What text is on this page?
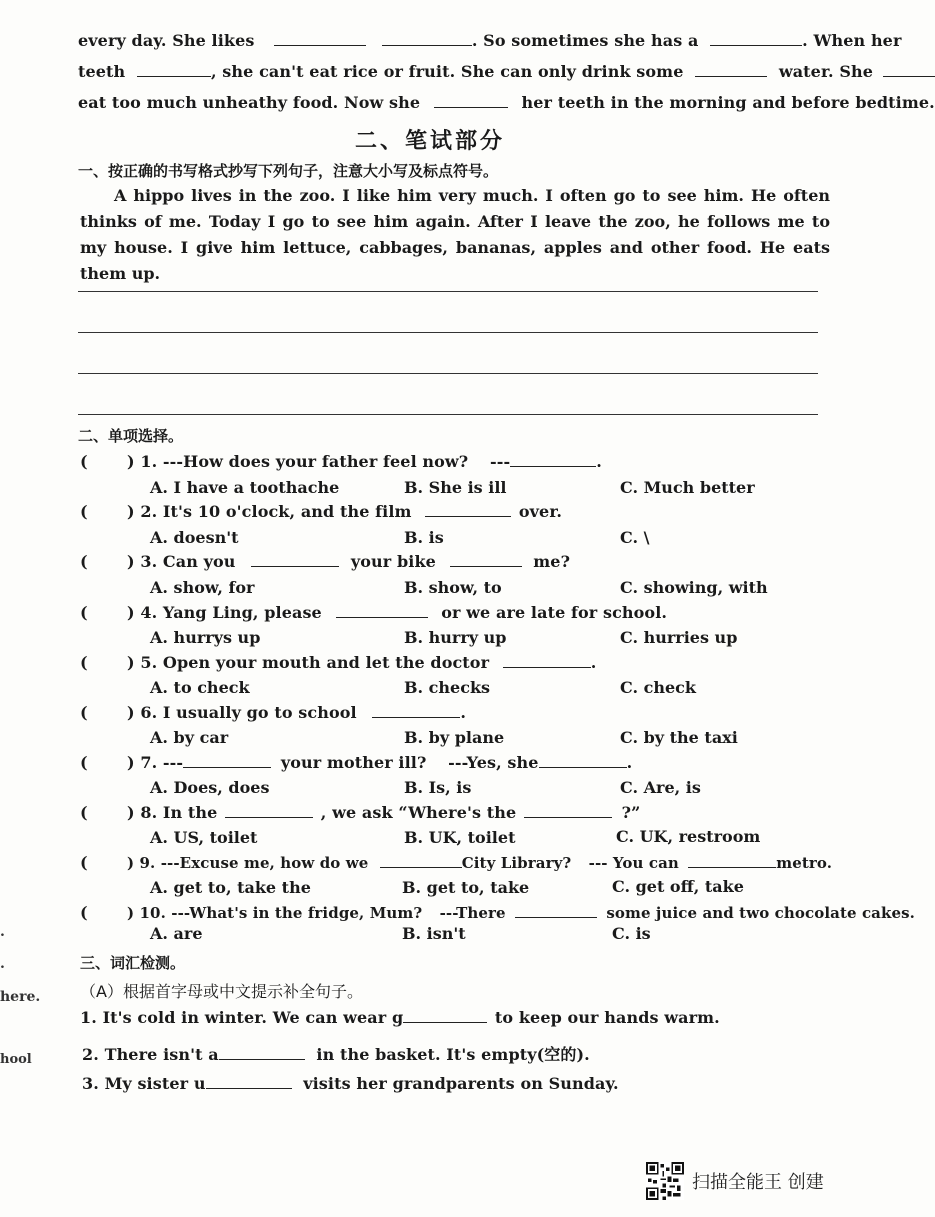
every day. She likes	. So sometimes she has a	. When her
teeth	, she can't eat rice or fruit. She can only drink some	water. She
eat too much unheathy food. Now she	her teeth in the morning and before bedtime.
二、笔试部分
一、按正确的书写格式抄写下列句子，注意大小写及标点符号。
A hippo lives in the zoo. I like him very much. I often go to see him. He often thinks of me. Today I go to see him again. After I leave the zoo, he follows me to my house. I give him lettuce, cabbages, bananas, apples and other food. He eats them up.
二、单项选择。
( ) 1. ---How does your father feel now? ---	.
A. I have a toothache	B. She is ill	C. Much better
( ) 2. It's 10 o'clock, and the film	over.
A. doesn't	B. is	C. \
( ) 3. Can you	your bike	me?
A. show, for	B. show, to	C. showing, with
( ) 4. Yang Ling, please	or we are late for school.
A. hurrys up	B. hurry up	C. hurries up
( ) 5. Open your mouth and let the doctor	.
A. to check	B. checks	C. check
( ) 6. I usually go to school	.
A. by car	B. by plane	C. by the taxi
( ) 7. ---	your mother ill? ---Yes, she	.
A. Does, does	B. Is, is	C. Are, is
( ) 8. In the	, we ask “Where's the	?”
A. US, toilet	B. UK, toilet	C. UK, restroom
(	) 9. ---Excuse me, how do we	City Library? --- You can	metro.
A. get to, take the	B. get to, take	C. get off, take
(	) 10. ---What's in the fridge, Mum? ---There	some juice and two chocolate cakes.
A. are	B. isn't	C. is
三、词汇检测。
（A）根据首字母或中文提示补全句子。
1. It's cold in winter. We can wear g	to keep our hands warm.
2. There isn't a	in the basket. It's empty(空的).
3. My sister u	visits her grandparents on Sunday.
.
.
here.
hool
扫描全能王 创建
